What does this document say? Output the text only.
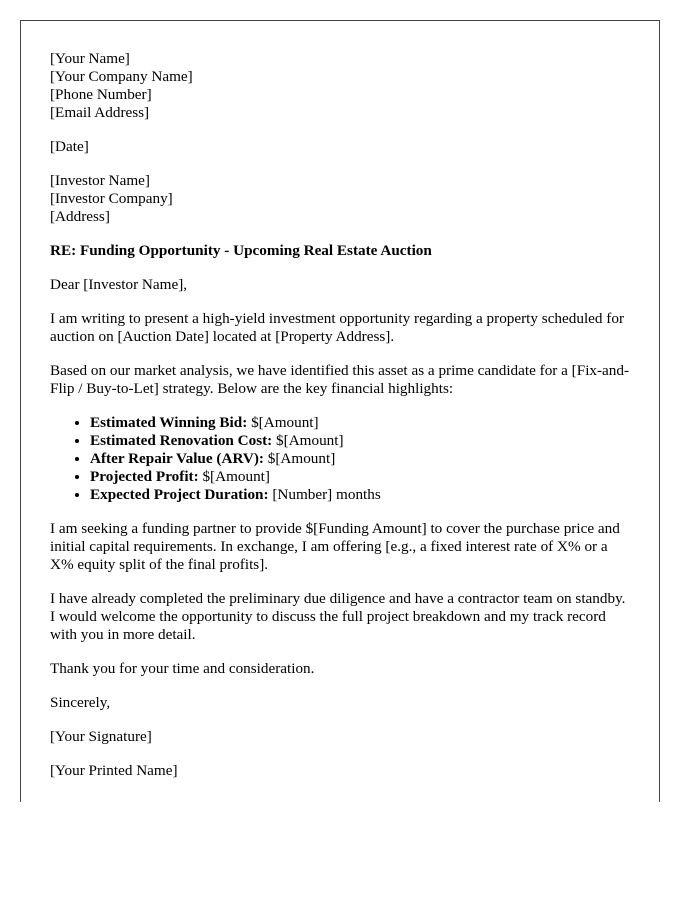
[Your Name]
[Your Company Name]
[Phone Number]
[Email Address]
[Date]
[Investor Name]
[Investor Company]
[Address]
RE: Funding Opportunity - Upcoming Real Estate Auction

Dear [Investor Name],

I am writing to present a high-yield investment opportunity regarding a property scheduled for auction on [Auction Date] located at [Property Address].

Based on our market analysis, we have identified this asset as a prime candidate for a [Fix-and-Flip / Buy-to-Let] strategy. Below are the key financial highlights:

• Estimated Winning Bid: $[Amount]
• Estimated Renovation Cost: $[Amount]
• After Repair Value (ARV): $[Amount]
• Projected Profit: $[Amount]
• Expected Project Duration: [Number] months

I am seeking a funding partner to provide $[Funding Amount] to cover the purchase price and initial capital requirements. In exchange, I am offering [e.g., a fixed interest rate of X% or a X% equity split of the final profits].

I have already completed the preliminary due diligence and have a contractor team on standby. I would welcome the opportunity to discuss the full project breakdown and my track record with you in more detail.

Thank you for your time and consideration.

Sincerely,

[Your Signature]

[Your Printed Name]
